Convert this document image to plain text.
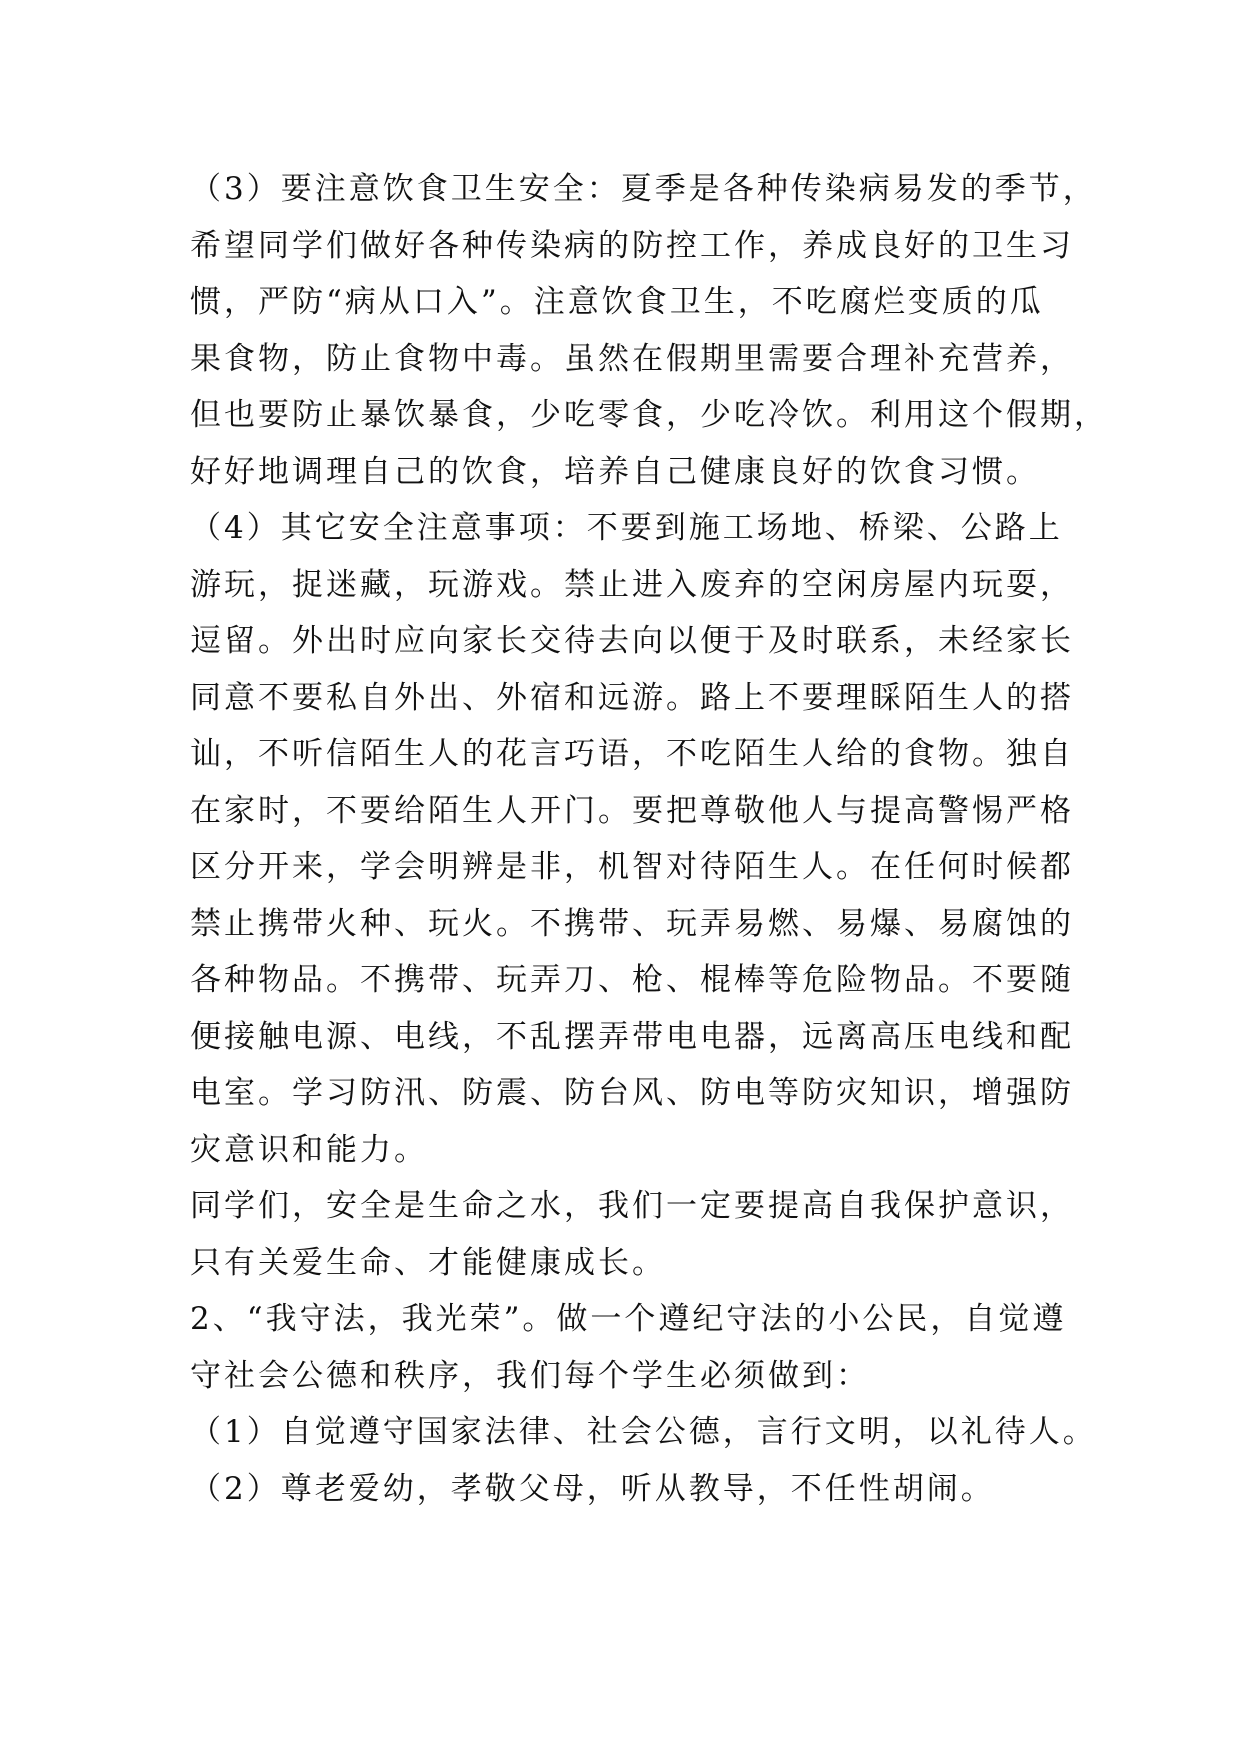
（3）要注意饮食卫生安全：夏季是各种传染病易发的季节，
希望同学们做好各种传染病的防控工作，养成良好的卫生习
惯，严防“病从口入”。注意饮食卫生，不吃腐烂变质的瓜
果食物，防止食物中毒。虽然在假期里需要合理补充营养，
但也要防止暴饮暴食，少吃零食，少吃冷饮。利用这个假期，
好好地调理自己的饮食，培养自己健康良好的饮食习惯。
（4）其它安全注意事项：不要到施工场地、桥梁、公路上
游玩，捉迷藏，玩游戏。禁止进入废弃的空闲房屋内玩耍，
逗留。外出时应向家长交待去向以便于及时联系，未经家长
同意不要私自外出、外宿和远游。路上不要理睬陌生人的搭
讪，不听信陌生人的花言巧语，不吃陌生人给的食物。独自
在家时，不要给陌生人开门。要把尊敬他人与提高警惕严格
区分开来，学会明辨是非，机智对待陌生人。在任何时候都
禁止携带火种、玩火。不携带、玩弄易燃、易爆、易腐蚀的
各种物品。不携带、玩弄刀、枪、棍棒等危险物品。不要随
便接触电源、电线，不乱摆弄带电电器，远离高压电线和配
电室。学习防汛、防震、防台风、防电等防灾知识，增强防
灾意识和能力。
同学们，安全是生命之水，我们一定要提高自我保护意识，
只有关爱生命、才能健康成长。
2、“我守法，我光荣”。做一个遵纪守法的小公民，自觉遵
守社会公德和秩序，我们每个学生必须做到：
（1）自觉遵守国家法律、社会公德，言行文明，以礼待人。
（2）尊老爱幼，孝敬父母，听从教导，不任性胡闹。
